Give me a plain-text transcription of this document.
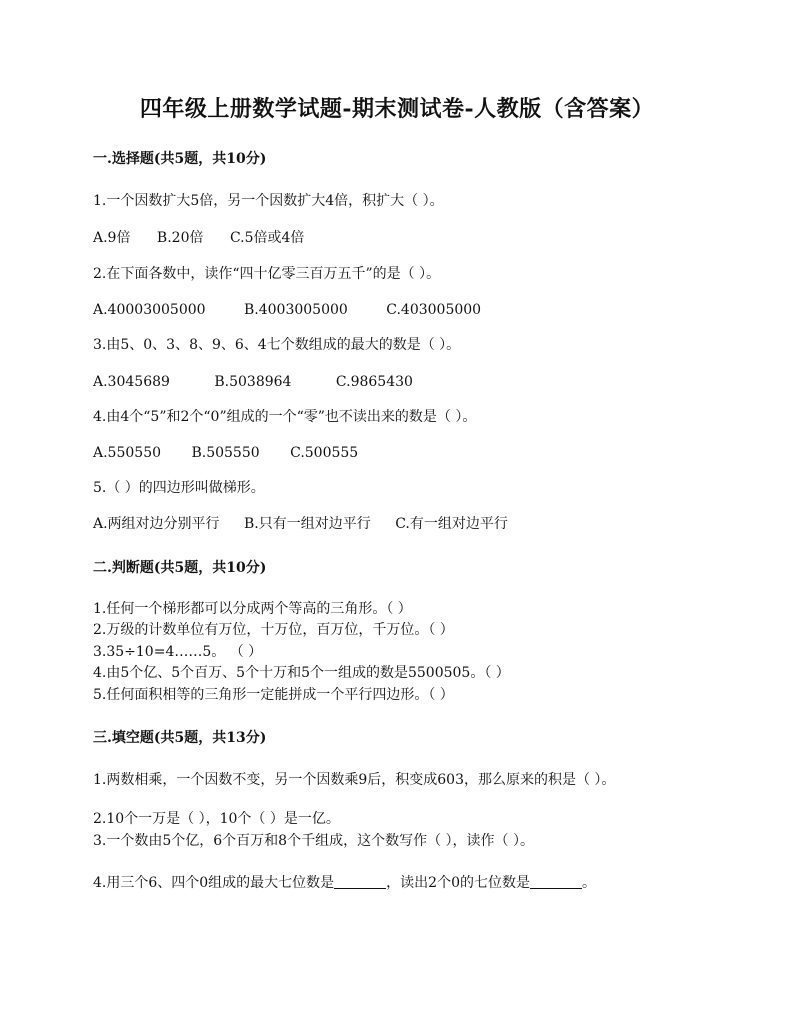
四年级上册数学试题-期末测试卷-人教版（含答案）
一.选择题(共5题，共10分)
1.一个因数扩大5倍，另一个因数扩大4倍，积扩大（ ）。
A.9倍 B.20倍 C.5倍或4倍
2.在下面各数中，读作“四十亿零三百万五千”的是（ ）。
A.40003005000	B.4003005000	C.403005000
3.由5、0、3、8、9、6、4七个数组成的最大的数是（ ）。
A.3045689	B.5038964	C.9865430
4.由4个“5”和2个“0”组成的一个“零”也不读出来的数是（ ）。
A.550550 B.505550 C.500555
5.（ ）的四边形叫做梯形。
A.两组对边分别平行 B.只有一组对边平行 C.有一组对边平行
二.判断题(共5题，共10分)
1.任何一个梯形都可以分成两个等高的三角形。（ ）
2.万级的计数单位有万位，十万位，百万位，千万位。（ ）
3.35÷10=4……5。 （ ）
4.由5个亿、5个百万、5个十万和5个一组成的数是5500505。（ ）
5.任何面积相等的三角形一定能拼成一个平行四边形。（ ）
三.填空题(共5题，共13分)
1.两数相乘，一个因数不变，另一个因数乘9后，积变成603，那么原来的积是（ ）。
2.10个一万是（ ），10个（ ）是一亿。
3.一个数由5个亿，6个百万和8个千组成，这个数写作（ ），读作（ ）。
4.用三个6、四个0组成的最大七位数是	，读出2个0的七位数是	。
